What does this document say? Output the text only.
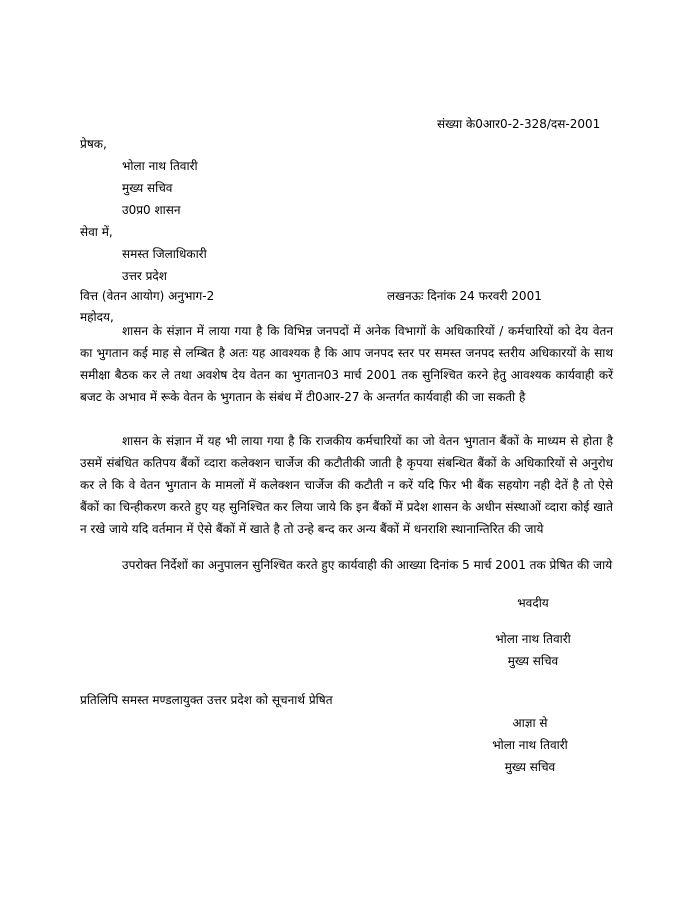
संख्या के0आर0-2-328/दस-2001
प्रेषक,
भोला नाथ तिवारी
मुख्य सचिव
उ0प्र0 शासन
सेवा में,
समस्त जिलाधिकारी
उत्तर प्रदेश
वित्त (वेतन आयोग) अनुभाग-2	लखनऊः दिनांक 24 फरवरी 2001
महोदय,

शासन के संज्ञान में लाया गया है कि विभिन्न जनपदों में अनेक विभागों के अधिकारियों / कर्मचारियों को देय वेतन का भुगतान कई माह से लम्बित है अतः यह आवश्यक है कि आप जनपद स्तर पर समस्त जनपद स्तरीय अधिकारयों के साथ समीक्षा बैठक कर ले तथा अवशेष देय वेतन का भुगतान03 मार्च 2001 तक सुनिश्चित करने हेतु आवश्यक कार्यवाही करें बजट के अभाव में रूके वेतन के भुगतान के संबंध में टी0आर-27 के अन्तर्गत कार्यवाही की जा सकती है

शासन के संज्ञान में यह भी लाया गया है कि राजकीय कर्मचारियों का जो वेतन भुगतान बैंकों के माध्यम से होता है उसमें संबंधित कतिपय बैंकों व्दारा कलेक्शन चार्जेज की कटौतीकी जाती है कृपया संबन्धित बैंकों के अधिकारियों से अनुरोध कर ले कि वे वेतन भुगतान के मामलों में कलेक्शन चार्जेज की कटौती न करें यदि फिर भी बैंक सहयोग नही देतें है तो ऐसे बैंकों का चिन्हीकरण करते हुए यह सुनिश्चित कर लिया जाये कि इन बैंकों में प्रदेश शासन के अधीन संस्थाओं व्दारा कोई खाते न रखे जाये यदि वर्तमान में ऐसे बैंकों में खाते है तो उन्हे बन्द कर अन्य बैंकों में धनराशि स्थानान्तिरित की जाये

उपरोक्त निर्देशों का अनुपालन सुनिश्चित करते हुए कार्यवाही की आख्या दिनांक 5 मार्च 2001 तक प्रेषित की जाये

भवदीय
भोला नाथ तिवारी
मुख्य सचिव
प्रतिलिपि समस्त मण्डलायुक्त उत्तर प्रदेश को सूचनार्थ प्रेषित
आज्ञा से
भोला नाथ तिवारी
मुख्य सचिव
